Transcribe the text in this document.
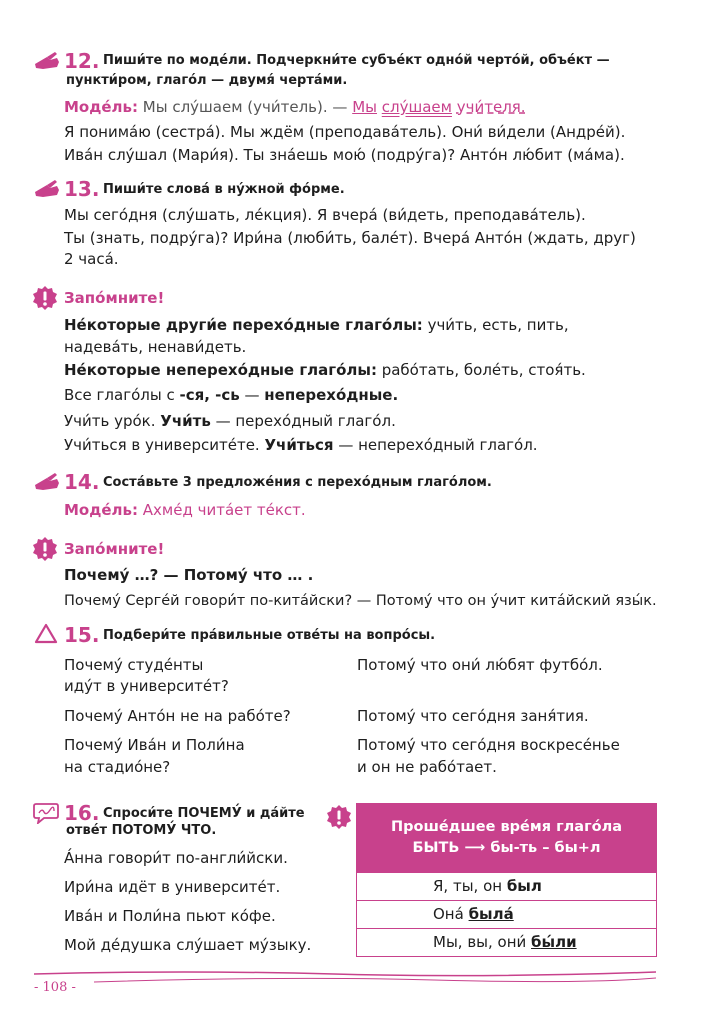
12. Пиши́те по моде́ли. Подчеркни́те субъе́кт одно́й черто́й, объе́кт —
пункти́ром, глаго́л — двумя́ черта́ми.

Моде́ль: Мы слу́шаем (учи́тель). — Мы слу́шаем учи́теля.

Я понима́ю (сестра́). Мы ждём (преподава́тель). Они́ ви́дели (Андре́й).

Ива́н слу́шал (Мари́я). Ты зна́ешь мою́ (подру́га)? Анто́н лю́бит (ма́ма).

13. Пиши́те слова́ в ну́жной фо́рме.

Мы сего́дня (слу́шать, ле́кция). Я вчера́ (ви́деть, преподава́тель).

Ты (знать, подру́га)? Ири́на (люби́ть, бале́т). Вчера́ Анто́н (ждать, друг)

2 часа́.

Запо́мните!

Не́которые други́е перехо́дные глаго́лы: учи́ть, есть, пить,

надева́ть, ненави́деть.

Не́которые неперехо́дные глаго́лы: рабо́тать, боле́ть, стоя́ть.

Все глаго́лы с -ся, -сь — неперехо́дные.

Учи́ть уро́к. Учи́ть — перехо́дный глаго́л.

Учи́ться в университе́те. Учи́ться — неперехо́дный глаго́л.

14. Соста́вьте 3 предложе́ния с перехо́дным глаго́лом.

Моде́ль: Ахме́д чита́ет те́кст.

Запо́мните!

Почему́ …? — Потому́ что … .

Почему́ Серге́й говори́т по-кита́йски? — Потому́ что он у́чит кита́йский язы́к.

15. Подбери́те пра́вильные отве́ты на вопро́сы.

Почему́ студе́нты

иду́т в университе́т?

Почему́ Анто́н не на рабо́те?

Почему́ Ива́н и Поли́на

на стадио́не?

Потому́ что они́ лю́бят футбо́л.

Потому́ что сего́дня заня́тия.

Потому́ что сего́дня воскресе́нье

и он не рабо́тает.

16. Спроси́те ПОЧЕМУ́ и да́йте
отве́т ПОТОМУ́ ЧТО.

А́нна говори́т по-англи́йски.

Ири́на идёт в университе́т.

Ива́н и Поли́на пьют ко́фе.

Мой де́душка слу́шает му́зыку.

Проше́дшее вре́мя глаго́ла
БЫТЬ ⟶ бы-ть – бы+л
Я, ты, он был
Она́ была́
Мы, вы, они́ бы́ли
- 108 -
